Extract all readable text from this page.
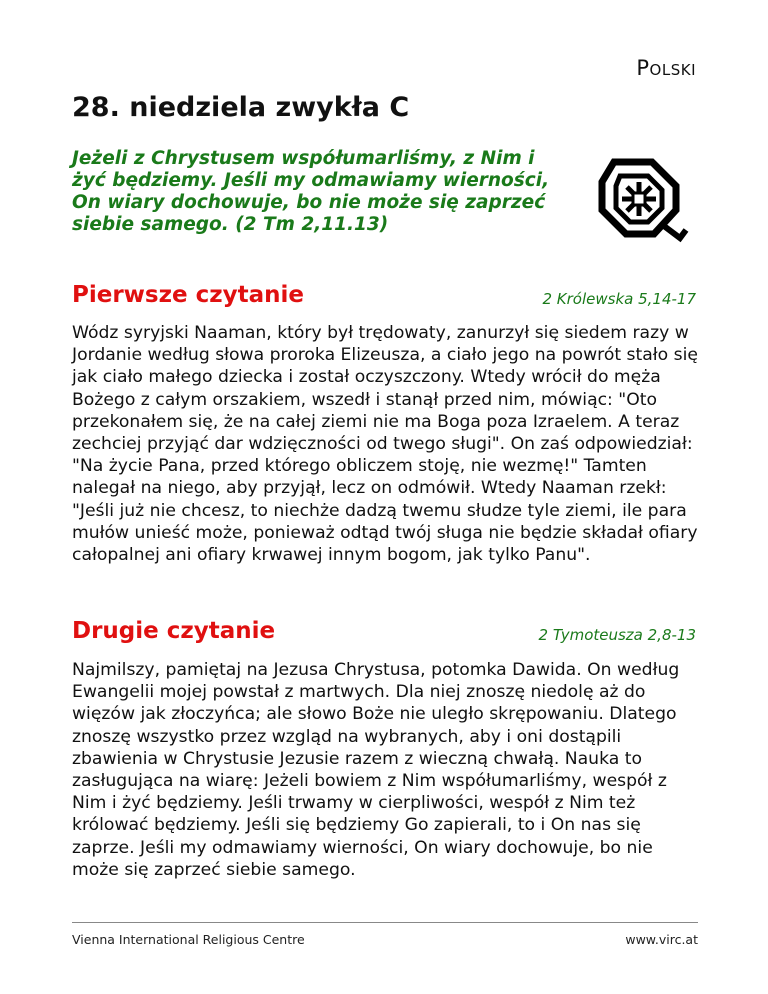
Polski
28. niedziela zwykła C
Jeżeli z Chrystusem współumarliśmy, z Nim i żyć będziemy. Jeśli my odmawiamy wierności, On wiary dochowuje, bo nie może się zaprzeć siebie samego. (2 Tm 2,11.13)
Pierwsze czytanie	2 Królewska 5,14-17
Wódz syryjski Naaman, który był trędowaty, zanurzył się siedem razy w Jordanie według słowa proroka Elizeusza, a ciało jego na powrót stało się jak ciało małego dziecka i został oczyszczony. Wtedy wrócił do męża Bożego z całym orszakiem, wszedł i stanął przed nim, mówiąc: "Oto przekonałem się, że na całej ziemi nie ma Boga poza Izraelem. A teraz zechciej przyjąć dar wdzięczności od twego sługi". On zaś odpowiedział: "Na życie Pana, przed którego obliczem stoję, nie wezmę!" Tamten nalegał na niego, aby przyjął, lecz on odmówił. Wtedy Naaman rzekł: "Jeśli już nie chcesz, to niechże dadzą twemu słudze tyle ziemi, ile para mułów unieść może, ponieważ odtąd twój sługa nie będzie składał ofiary całopalnej ani ofiary krwawej innym bogom, jak tylko Panu".
Drugie czytanie	2 Tymoteusza 2,8-13
Najmilszy, pamiętaj na Jezusa Chrystusa, potomka Dawida. On według Ewangelii mojej powstał z martwych. Dla niej znoszę niedolę aż do więzów jak złoczyńca; ale słowo Boże nie uległo skrępowaniu. Dlatego znoszę wszystko przez wzgląd na wybranych, aby i oni dostąpili zbawienia w Chrystusie Jezusie razem z wieczną chwałą. Nauka to zasługująca na wiarę: Jeżeli bowiem z Nim współumarliśmy, wespół z Nim i żyć będziemy. Jeśli trwamy w cierpliwości, wespół z Nim też królować będziemy. Jeśli się będziemy Go zapierali, to i On nas się zaprze. Jeśli my odmawiamy wierności, On wiary dochowuje, bo nie może się zaprzeć siebie samego.
Vienna International Religious Centre	www.virc.at
